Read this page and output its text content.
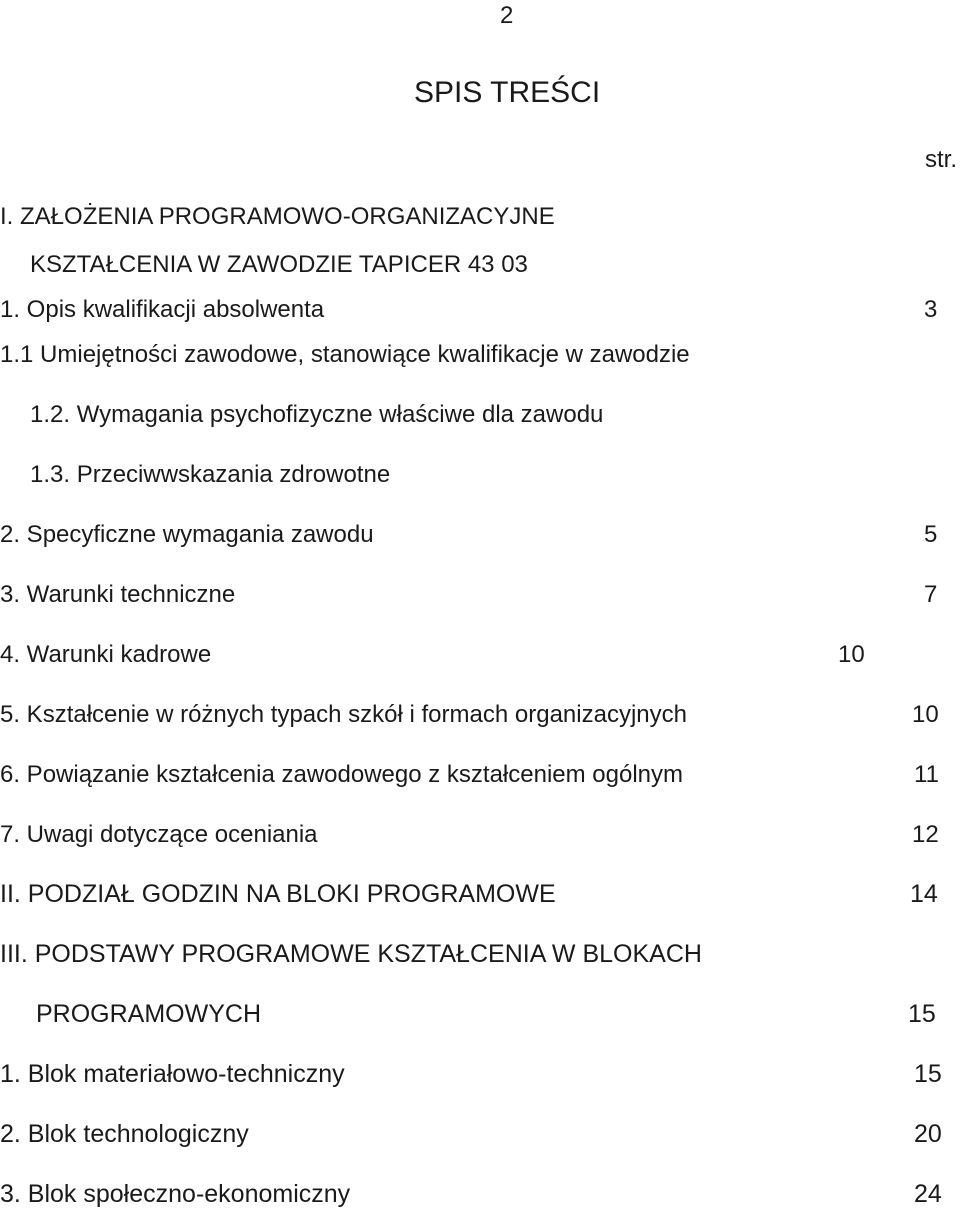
2
SPIS TREŚCI
str.
I. ZAŁOŻENIA PROGRAMOWO-ORGANIZACYJNE
KSZTAŁCENIA W ZAWODZIE TAPICER 43 03
1. Opis kwalifikacji absolwenta	3
1.1 Umiejętności zawodowe, stanowiące kwalifikacje w zawodzie
1.2. Wymagania psychofizyczne właściwe dla zawodu
1.3. Przeciwwskazania zdrowotne
2. Specyficzne wymagania zawodu	5
3. Warunki techniczne	7
4. Warunki kadrowe	10
5. Kształcenie w różnych typach szkół i formach organizacyjnych	10
6. Powiązanie kształcenia zawodowego z kształceniem ogólnym	11
7. Uwagi dotyczące oceniania	12
II. PODZIAŁ GODZIN NA BLOKI PROGRAMOWE	14
III. PODSTAWY PROGRAMOWE KSZTAŁCENIA W BLOKACH
PROGRAMOWYCH	15
1. Blok materiałowo-techniczny	15
2. Blok technologiczny	20
3. Blok społeczno-ekonomiczny	24
